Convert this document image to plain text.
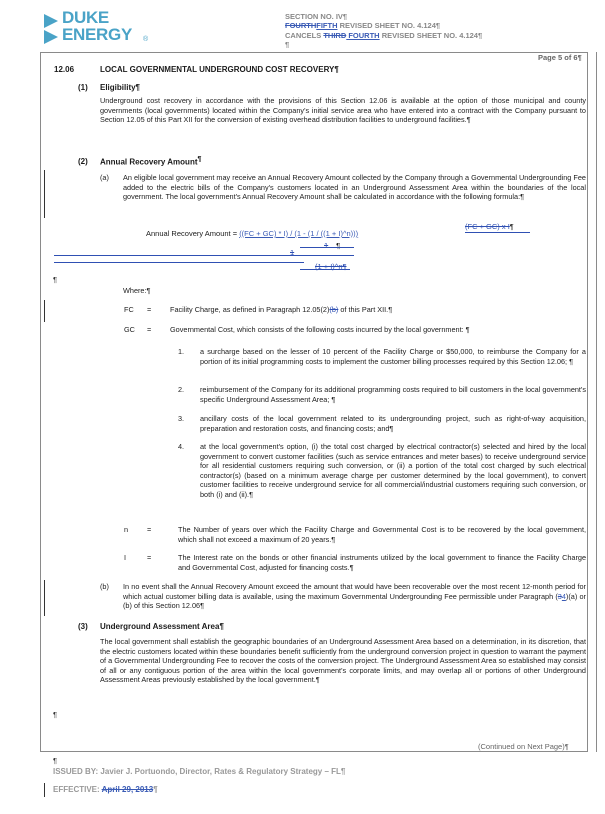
DUKE
ENERGY ®
SECTION NO. IV¶
FOURTHFIFTH REVISED SHEET NO. 4.124¶
CANCELS THIRD FOURTH REVISED SHEET NO. 4.124¶
¶
Page 5 of 6¶
12.06	LOCAL GOVERNMENTAL UNDERGROUND COST RECOVERY¶
(1) Eligibility¶
Underground cost recovery in accordance with the provisions of this Section 12.06 is available at the option of those municipal and county governments (local governments) located within the Company's initial service area who have entered into a contract with the Company pursuant to Section 12.05 of this Part XII for the conversion of existing overhead distribution facilities to underground facilities.¶
(2) Annual Recovery Amount¶
(a) An eligible local government may receive an Annual Recovery Amount collected by the Company through a Governmental Undergrounding Fee added to the electric bills of the Company's customers located in an Underground Assessment Area within the boundaries of the local government. The local government's Annual Recovery Amount shall be calculated in accordance with the following formula:¶
Annual Recovery Amount = ((FC + GC) * I) / (1 - (1 / ((1 + I)^n)))
(FC + GC) x I¶
1 ¶
1
(1 + I)^n¶
¶
Where:¶
FC =	Facility Charge, as defined in Paragraph 12.05(2)(b) of this Part XII.¶
GC =	Governmental Cost, which consists of the following costs incurred by the local government: ¶
1. a surcharge based on the lesser of 10 percent of the Facility Charge or $50,000, to reimburse the Company for a portion of its initial programming costs to implement the customer billing processes required by this Section 12.06; ¶
2. reimbursement of the Company for its additional programming costs required to bill customers in the local government's specific Underground Assessment Area; ¶
3. ancillary costs of the local government related to its undergrounding project, such as right-of-way acquisition, preparation and restoration costs, and financing costs; and¶
4. at the local government's option, (i) the total cost charged by electrical contractor(s) selected and hired by the local government to convert customer facilities (such as service entrances and meter bases) to receive underground service for all residential customers requiring such conversion, or (ii) a portion of the total cost charged by such electrical contractor(s) (based on a minimum average charge per customer determined by the local government), to convert customer facilities to receive underground service for all commercial/industrial customers requiring such conversion, or both (i) and (ii).¶
n	=	The Number of years over which the Facility Charge and Governmental Cost is to be recovered by the local government, which shall not exceed a maximum of 20 years.¶
I	=	The Interest rate on the bonds or other financial instruments utilized by the local government to finance the Facility Charge and Governmental Cost, adjusted for financing costs.¶
(b) In no event shall the Annual Recovery Amount exceed the amount that would have been recoverable over the most recent 12-month period for which actual customer billing data is available, using the maximum Governmental Undergrounding Fee permissible under Paragraph (34)(a) or (b) of this Section 12.06¶
(3) Underground Assessment Area¶
The local government shall establish the geographic boundaries of an Underground Assessment Area based on a determination, in its discretion, that the electric customers located within these boundaries benefit sufficiently from the underground conversion project in question to warrant the payment of a Governmental Undergrounding Fee to recover the costs of the conversion project. The Underground Assessment Area so established may consist of all or any contiguous portion of the area within the local government's corporate limits, and may overlap all or portions of other Underground Assessment Areas previously established by the local government.¶
¶
(Continued on Next Page)¶
¶
ISSUED BY: Javier J. Portuondo, Director, Rates & Regulatory Strategy – FL¶
EFFECTIVE: April 29, 2013¶
